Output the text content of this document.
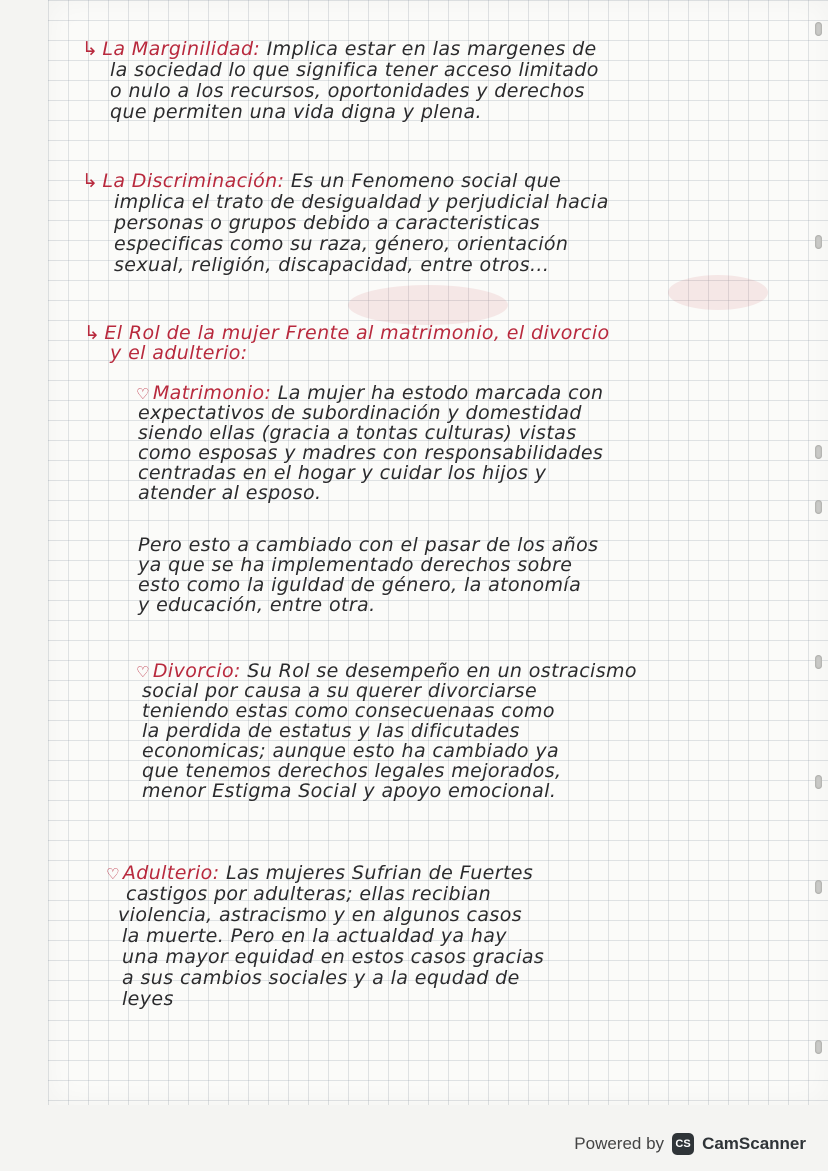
↳ La Marginilidad: Implica estar en las margenes de
la sociedad lo que significa tener acceso limitado
o nulo a los recursos, oportonidades y derechos
que permiten una vida digna y plena.
↳ La Discriminación: Es un Fenomeno social que
implica el trato de desigualdad y perjudicial hacia
personas o grupos debido a caracteristicas
especificas como su raza, género, orientación
sexual, religión, discapacidad, entre otros...
↳ El Rol de la mujer Frente al matrimonio, el divorcio
y el adulterio:
♡ Matrimonio: La mujer ha estodo marcada con
expectativos de subordinación y domestidad
siendo ellas (gracia a tontas culturas) vistas
como esposas y madres con responsabilidades
centradas en el hogar y cuidar los hijos y
atender al esposo.
Pero esto a cambiado con el pasar de los años
ya que se ha implementado derechos sobre
esto como la iguldad de género, la atonomía
y educación, entre otra.
♡ Divorcio: Su Rol se desempeño en un ostracismo
social por causa a su querer divorciarse
teniendo estas como consecuenaas como
la perdida de estatus y las dificutades
economicas; aunque esto ha cambiado ya
que tenemos derechos legales mejorados,
menor Estigma Social y apoyo emocional.
♡ Adulterio: Las mujeres Sufrian de Fuertes
castigos por adulteras; ellas recibian
violencia, astracismo y en algunos casos
la muerte. Pero en la actualdad ya hay
una mayor equidad en estos casos gracias
a sus cambios sociales y a la equdad de
leyes
Powered by	CS CamScanner
